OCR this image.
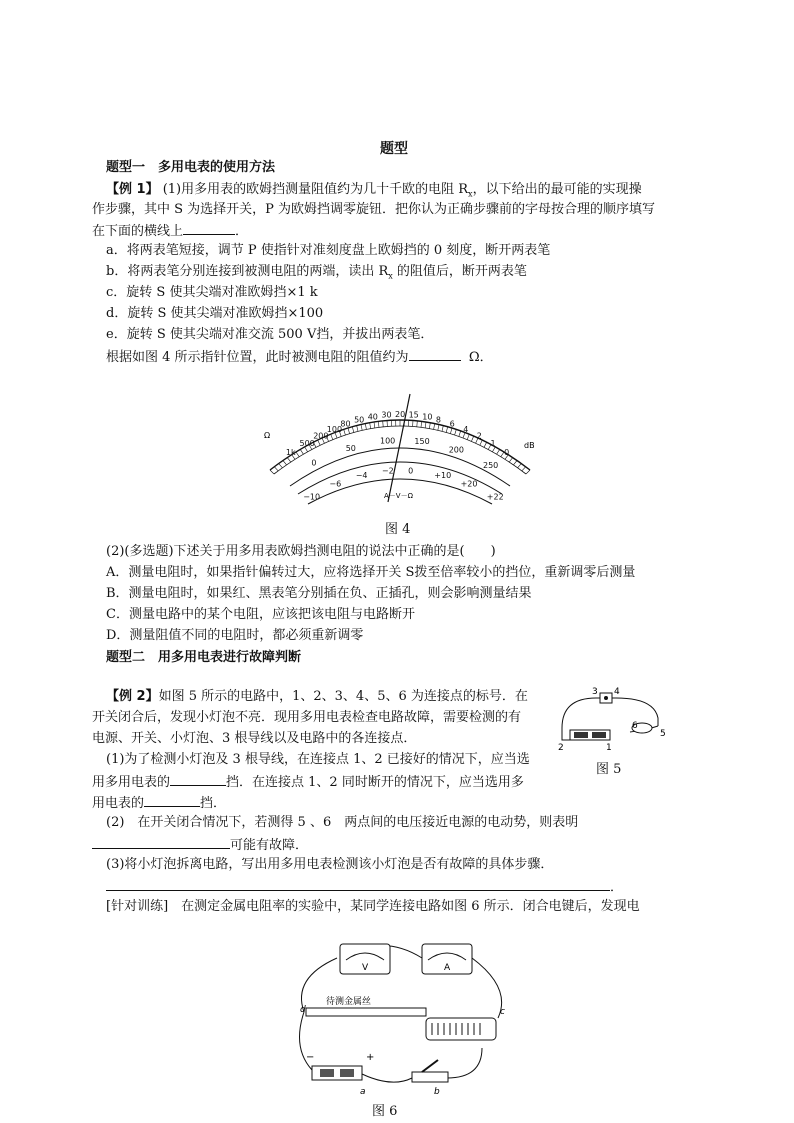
题型
题型一　多用电表的使用方法
【例 1】 (1)用多用表的欧姆挡测量阻值约为几十千欧的电阻 $R_x$，以下给出的最可能的实现操
作步骤，其中 S 为选择开关，P 为欧姆挡调零旋钮．把你认为正确步骤前的字母按合理的顺序填写
在下面的横线上	．
a．将两表笔短接，调节 P 使指针对准刻度盘上欧姆挡的 0 刻度，断开两表笔
b．将两表笔分别连接到被测电阻的两端，读出 $R_x$ 的阻值后，断开两表笔
c．旋转 S 使其尖端对准欧姆挡×1 k
d．旋转 S 使其尖端对准欧姆挡×100
e．旋转 S 使其尖端对准交流 500 V挡，并拔出两表笔．
根据如图 4 所示指针位置，此时被测电阻的阻值约为	Ω．
1k
500
200
100
80 50 40 30 20 15 10 8 6
4
2
1
0
0
50
100 150
200
250
−10
−6
−4 −2 0	+10
+20
+22
Ω
dB
A－V－Ω
图 4
(2)(多选题)下述关于用多用表欧姆挡测电阻的说法中正确的是(　　)
A．测量电阻时，如果指针偏转过大，应将选择开关 S拨至倍率较小的挡位，重新调零后测量
B．测量电阻时，如果红、黑表笔分别插在负、正插孔，则会影响测量结果
C．测量电路中的某个电阻，应该把该电阻与电路断开
D．测量阻值不同的电阻时，都必须重新调零
题型二　用多用电表进行故障判断
【例 2】如图 5 所示的电路中，1、2、3、4、5、6 为连接点的标号．在
开关闭合后，发现小灯泡不亮．现用多用电表检查电路故障，需要检测的有
电源、开关、小灯泡、3 根导线以及电路中的各连接点．
(1)为了检测小灯泡及 3 根导线，在连接点 1、2 已接好的情况下，应当选
用多用电表的	挡．在连接点 1、2 同时断开的情况下，应当选用多
用电表的	挡．
(2)　在开关闭合情况下，若测得 5 、6　两点间的电压接近电源的电动势，则表明
可能有故障．
(3)将小灯泡拆离电路，写出用多用电表检测该小灯泡是否有故障的具体步骤．
．
3 4
6
5
2	1
图 5
[针对训练]　在测定金属电阻率的实验中，某同学连接电路如图 6 所示．闭合电键后，发现电
V	A
待测金属丝
−	+
d	c
a	b
图 6
